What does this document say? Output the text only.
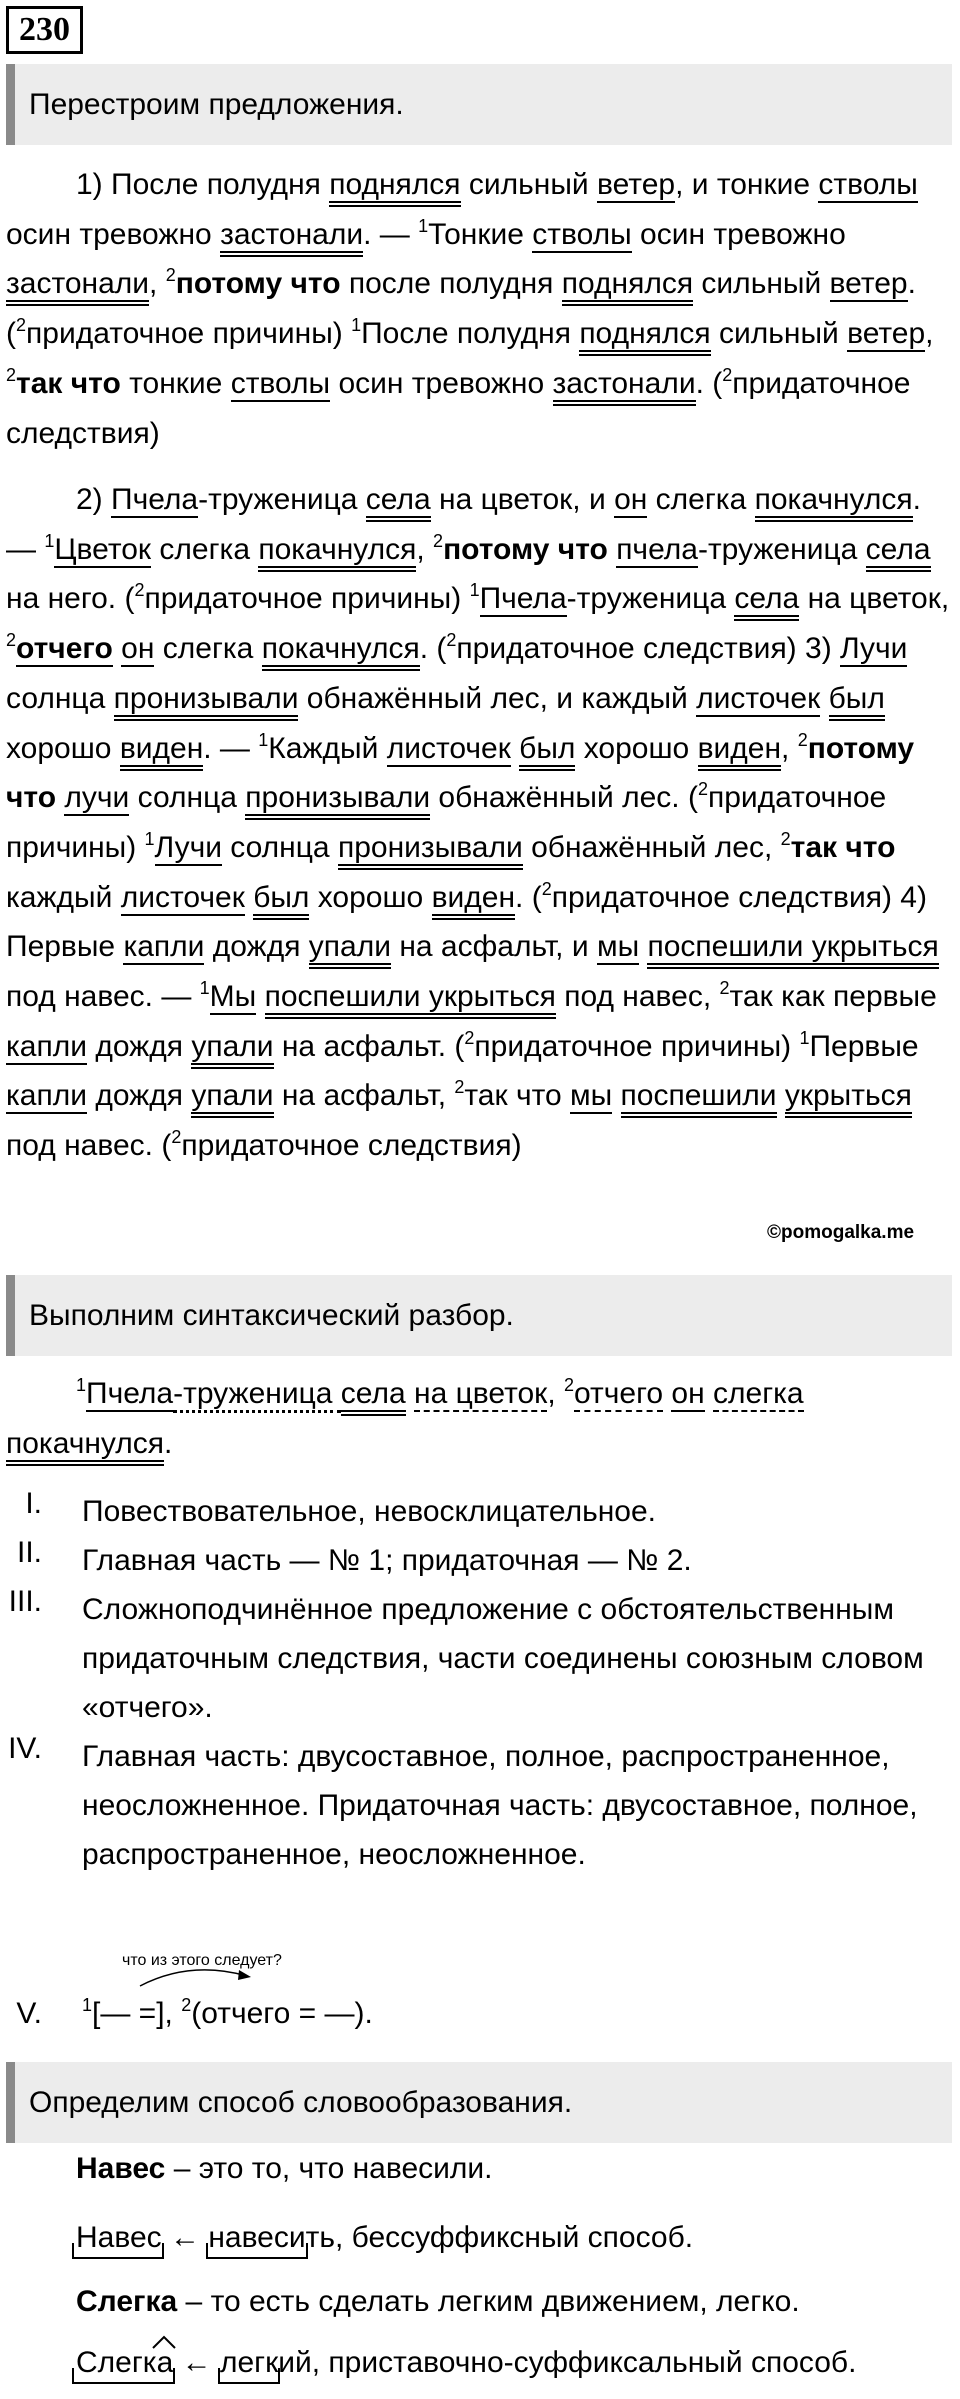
230
Перестроим предложения.
1) После полудня поднялся сильный ветер, и тонкие стволы осин тревожно застонали. — $^1$Тонкие стволы осин тревожно застонали, $^2$потому что после полудня поднялся сильный ветер. ($^2$придаточное причины) $^1$После полудня поднялся сильный ветер, $^2$так что тонкие стволы осин тревожно застонали. ($^2$придаточное следствия)
2) Пчела-труженица села на цветок, и он слегка покачнулся. — $^1$Цветок слегка покачнулся, $^2$потому что пчела-труженица села на него. ($^2$придаточное причины) $^1$Пчела-труженица села на цветок, $^2$отчего он слегка покачнулся. ($^2$придаточное следствия) 3) Лучи солнца пронизывали обнажённый лес, и каждый листочек был хорошо виден. — $^1$Каждый листочек был хорошо виден, $^2$потому что лучи солнца пронизывали обнажённый лес. ($^2$придаточное причины) $^1$Лучи солнца пронизывали обнажённый лес, $^2$так что каждый листочек был хорошо виден. ($^2$придаточное следствия) 4) Первые капли дождя упали на асфальт, и мы поспешили укрыться под навес. — $^1$Мы поспешили укрыться под навес, $^2$так как первые капли дождя упали на асфальт. ($^2$придаточное причины) $^1$Первые капли дождя упали на асфальт, $^2$так что мы поспешили укрыться под навес. ($^2$придаточное следствия)
©pomogalka.me
Выполним синтаксический разбор.
$^1$Пчела-труженица села на цветок, $^2$отчего он слегка покачнулся.
I. Повествовательное, невосклицательное.
II. Главная часть — № 1; придаточная — № 2.
III. Сложноподчинённое предложение с обстоятельственным придаточным следствия, части соединены союзным словом «отчего».
IV. Главная часть: двусоставное, полное, распространенное, неосложненное. Придаточная часть: двусоставное, полное, распространенное, неосложненное.
что из этого следует?
V. $^1$[— =], $^2$(отчего = —).
Определим способ словообразования.
Навес – это то, что навесили.
Навес
← навеси
ть, бессуффиксный способ.
Слегка – то есть сделать легким движением, легко.
Слегка
← легк
ий, приставочно-суффиксальный способ.
